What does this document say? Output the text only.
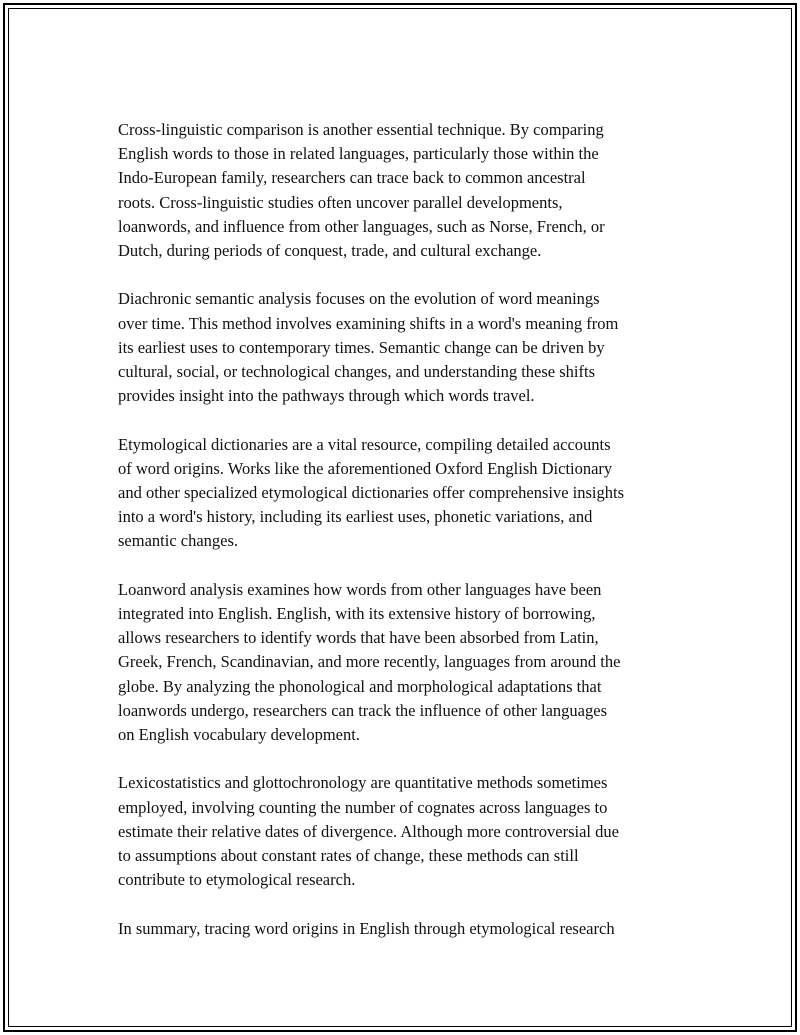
Cross-linguistic comparison is another essential technique. By comparing
English words to those in related languages, particularly those within the
Indo-European family, researchers can trace back to common ancestral
roots. Cross-linguistic studies often uncover parallel developments,
loanwords, and influence from other languages, such as Norse, French, or
Dutch, during periods of conquest, trade, and cultural exchange.

Diachronic semantic analysis focuses on the evolution of word meanings
over time. This method involves examining shifts in a word's meaning from
its earliest uses to contemporary times. Semantic change can be driven by
cultural, social, or technological changes, and understanding these shifts
provides insight into the pathways through which words travel.

Etymological dictionaries are a vital resource, compiling detailed accounts
of word origins. Works like the aforementioned Oxford English Dictionary
and other specialized etymological dictionaries offer comprehensive insights
into a word's history, including its earliest uses, phonetic variations, and
semantic changes.

Loanword analysis examines how words from other languages have been
integrated into English. English, with its extensive history of borrowing,
allows researchers to identify words that have been absorbed from Latin,
Greek, French, Scandinavian, and more recently, languages from around the
globe. By analyzing the phonological and morphological adaptations that
loanwords undergo, researchers can track the influence of other languages
on English vocabulary development.

Lexicostatistics and glottochronology are quantitative methods sometimes
employed, involving counting the number of cognates across languages to
estimate their relative dates of divergence. Although more controversial due
to assumptions about constant rates of change, these methods can still
contribute to etymological research.

In summary, tracing word origins in English through etymological research
